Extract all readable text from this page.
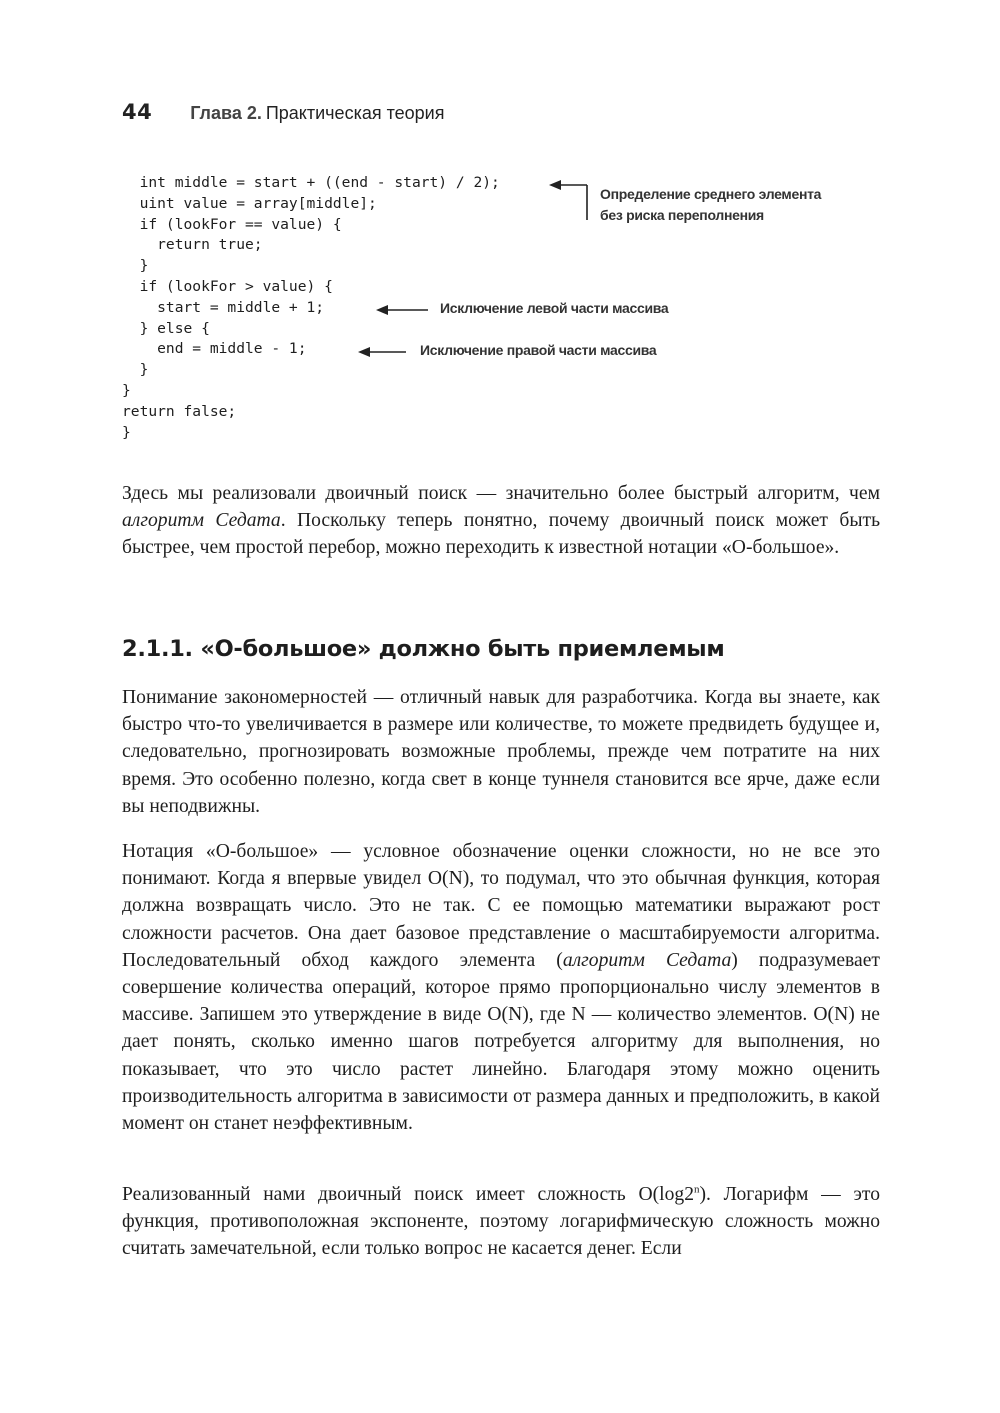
44 Глава 2. Практическая теория
int middle = start + ((end - start) / 2);
uint value = array[middle];
if (lookFor == value) {
return true;
}
if (lookFor > value) {
start = middle + 1;
} else {
end = middle - 1;
}
}
return false;
}
Определение среднего элемента
без риска переполнения
Исключение левой части массива
Исключение правой части массива

Здесь мы реализовали двоичный поиск — значительно более быстрый алгоритм, чем алгоритм Седата. Поскольку теперь понятно, почему двоичный поиск может быть быстрее, чем простой перебор, можно переходить к известной нотации «О-большое».

2.1.1. «О-большое» должно быть приемлемым

Понимание закономерностей — отличный навык для разработчика. Когда вы знаете, как быстро что-то увеличивается в размере или количестве, то можете предвидеть будущее и, следовательно, прогнозировать возможные проблемы, прежде чем потратите на них время. Это особенно полезно, когда свет в конце туннеля становится все ярче, даже если вы неподвижны.

Нотация «О-большое» — условное обозначение оценки сложности, но не все это понимают. Когда я впервые увидел O(N), то подумал, что это обычная функция, которая должна возвращать число. Это не так. С ее помощью математики выражают рост сложности расчетов. Она дает базовое представление о масштабируемости алгоритма. Последовательный обход каждого элемента (алгоритм Седата) подразумевает совершение количества операций, которое прямо пропорционально числу элементов в массиве. Запишем это утверждение в виде O(N), где N — количество элементов. O(N) не дает понять, сколько именно шагов потребуется алгоритму для выполнения, но показывает, что это число растет линейно. Благодаря этому можно оценить производительность алгоритма в зависимости от размера данных и предположить, в какой момент он станет неэффективным.

Реализованный нами двоичный поиск имеет сложность O(log2$^n$). Логарифм — это функция, противоположная экспоненте, поэтому логарифмическую сложность можно считать замечательной, если только вопрос не касается денег. Если
